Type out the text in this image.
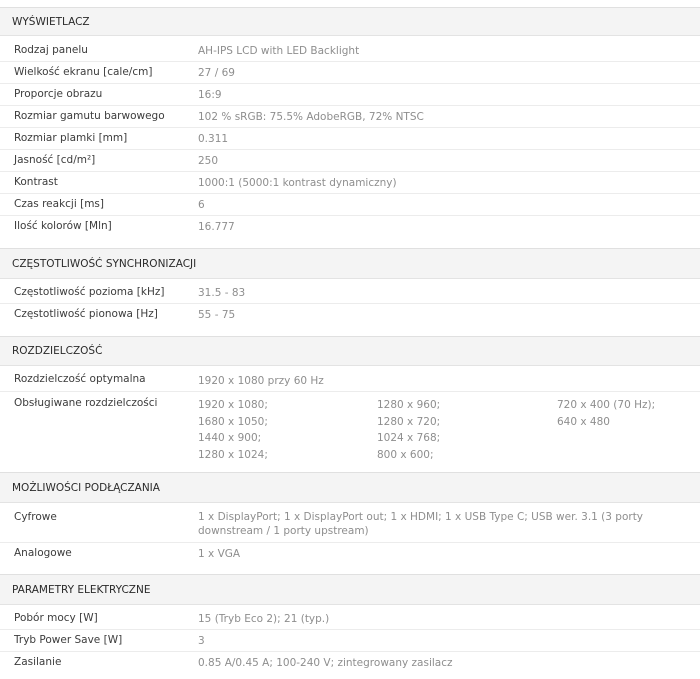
WYŚWIETLACZ
Rodzaj panelu	AH-IPS LCD with LED Backlight
Wielkość ekranu [cale/cm]	27 / 69
Proporcje obrazu	16:9
Rozmiar gamutu barwowego	102 % sRGB: 75.5% AdobeRGB, 72% NTSC
Rozmiar plamki [mm]	0.311
Jasność [cd/m²]	250
Kontrast	1000:1 (5000:1 kontrast dynamiczny)
Czas reakcji [ms]	6
Ilość kolorów [Mln]	16.777
CZĘSTOTLIWOŚĆ SYNCHRONIZACJI
Częstotliwość pozioma [kHz]	31.5 - 83
Częstotliwość pionowa [Hz]	55 - 75
ROZDZIELCZOŚĆ
Rozdzielczość optymalna	1920 x 1080 przy 60 Hz
Obsługiwane rozdzielczości	1920 x 1080;
1680 x 1050;
1440 x 900;
1280 x 1024;
1280 x 960;
1280 x 720;
1024 x 768;
800 x 600;
720 x 400 (70 Hz);
640 x 480
MOŻLIWOŚCI PODŁĄCZANIA
Cyfrowe	1 x DisplayPort; 1 x DisplayPort out; 1 x HDMI; 1 x USB Type C; USB wer. 3.1 (3 porty downstream / 1 porty upstream)
Analogowe	1 x VGA
PARAMETRY ELEKTRYCZNE
Pobór mocy [W]	15 (Tryb Eco 2); 21 (typ.)
Tryb Power Save [W]	3
Zasilanie	0.85 A/0.45 A; 100-240 V; zintegrowany zasilacz
